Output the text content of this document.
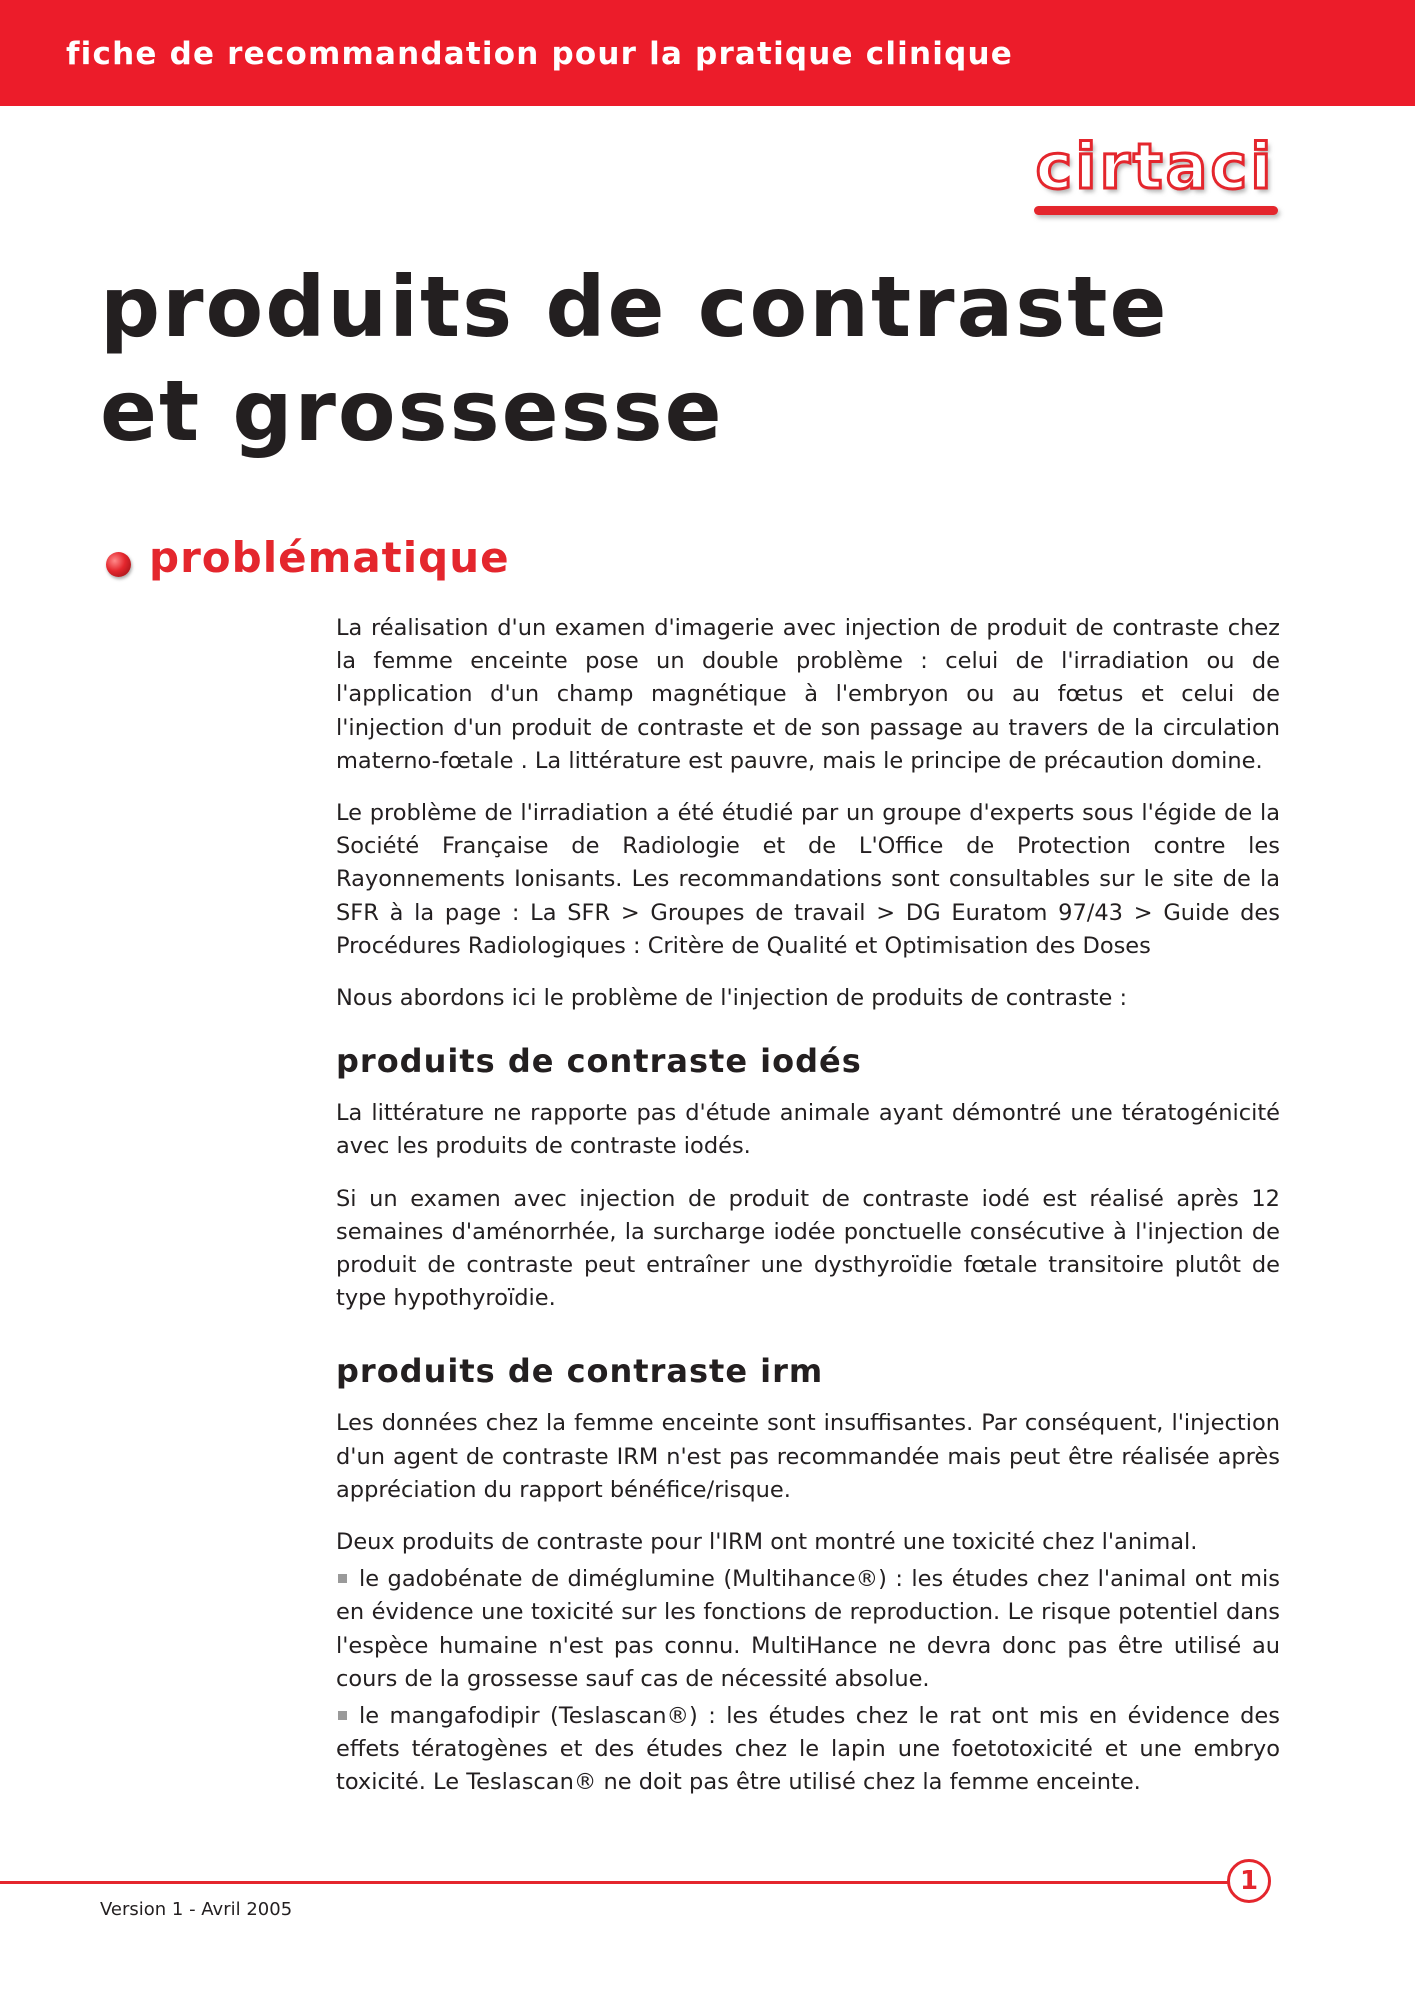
fiche de recommandation pour la pratique clinique
cirtaci
produits de contraste
et grossesse
problématique

La réalisation d'un examen d'imagerie avec injection de produit de contraste chez la femme enceinte pose un double problème : celui de l'irradiation ou de l'application d'un champ magnétique à l'embryon ou au fœtus et celui de l'injection d'un produit de contraste et de son passage au travers de la circulation materno-fœtale . La littérature est pauvre, mais le principe de précaution domine.

Le problème de l'irradiation a été étudié par un groupe d'experts sous l'égide de la Société Française de Radiologie et de L'Office de Protection contre les Rayonnements Ionisants. Les recommandations sont consultables sur le site de la SFR à la page : La SFR > Groupes de travail > DG Euratom 97/43 > Guide des Procédures Radiologiques : Critère de Qualité et Optimisation des Doses

Nous abordons ici le problème de l'injection de produits de contraste :

produits de contraste iodés

La littérature ne rapporte pas d'étude animale ayant démontré une tératogénicité avec les produits de contraste iodés.

Si un examen avec injection de produit de contraste iodé est réalisé après 12 semaines d'aménorrhée, la surcharge iodée ponctuelle consécutive à l'injection de produit de contraste peut entraîner une dysthyroïdie fœtale transitoire plutôt de type hypothyroïdie.

produits de contraste irm

Les données chez la femme enceinte sont insuffisantes. Par conséquent, l'injection d'un agent de contraste IRM n'est pas recommandée mais peut être réalisée après appréciation du rapport bénéfice/risque.

Deux produits de contraste pour l'IRM ont montré une toxicité chez l'animal.

le gadobénate de diméglumine (Multihance®) : les études chez l'animal ont mis en évidence une toxicité sur les fonctions de reproduction. Le risque potentiel dans l'espèce humaine n'est pas connu. MultiHance ne devra donc pas être utilisé au cours de la grossesse sauf cas de nécessité absolue.

le mangafodipir (Teslascan®) : les études chez le rat ont mis en évidence des effets tératogènes et des études chez le lapin une foetotoxicité et une embryo toxicité. Le Teslascan® ne doit pas être utilisé chez la femme enceinte.

1
Version 1 - Avril 2005
